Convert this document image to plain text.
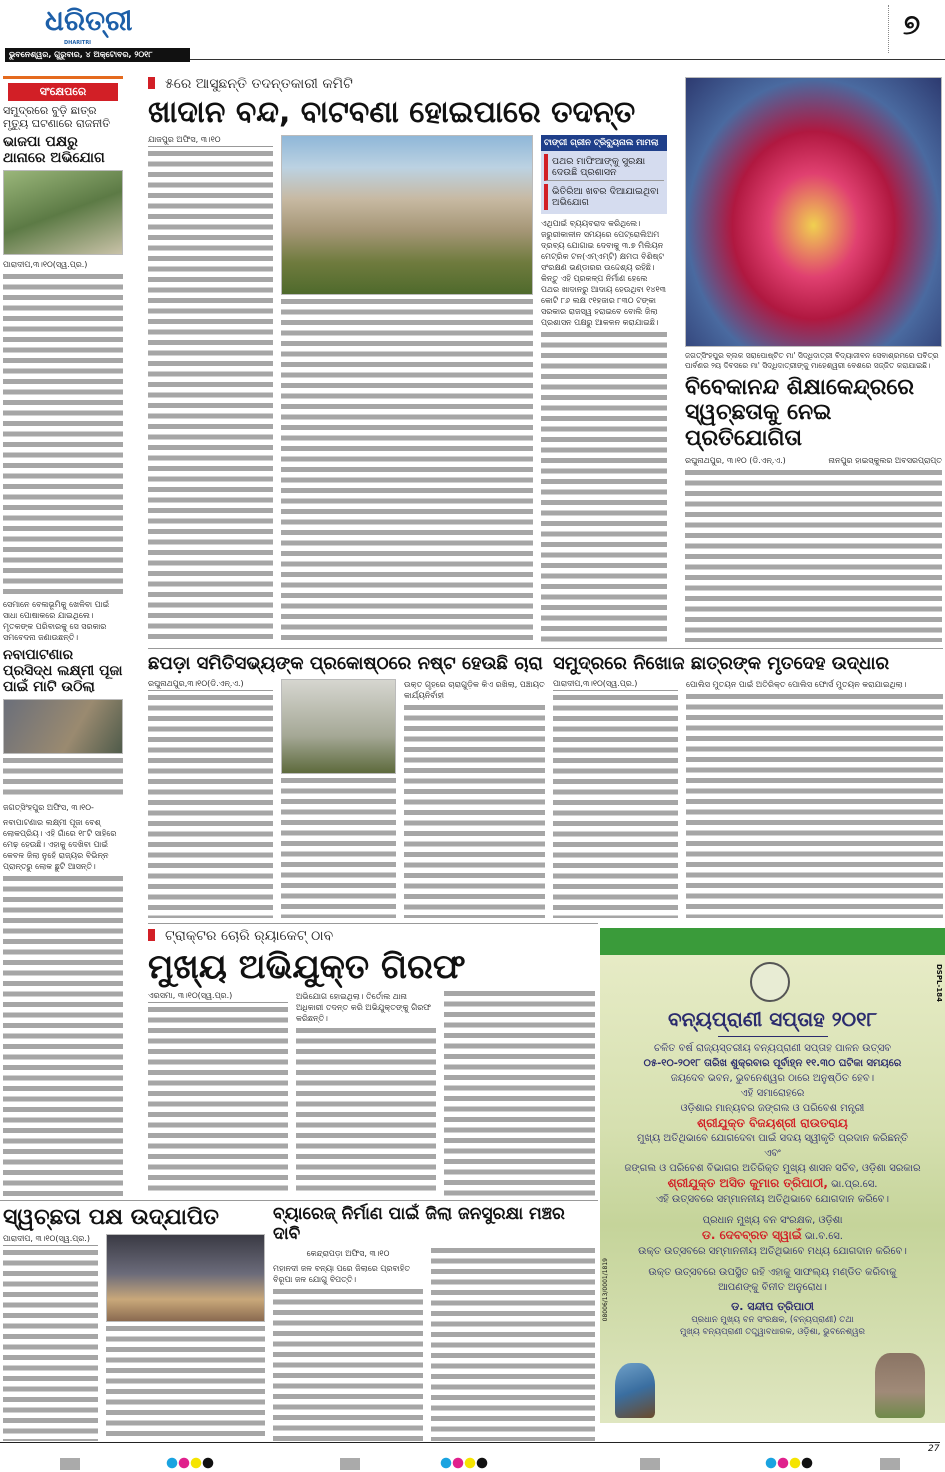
ଧରିତ୍ରୀ
DHARITRI
ଭୁବନେଶ୍ୱର, ଗୁରୁବାର, ୪ ଅକ୍ଟୋବର, ୨୦୧୮
୭
ସଂକ୍ଷେପରେ
ସମୁଦ୍ରରେ ବୁଡ଼ି ଛାତ୍ର ମୃତ୍ୟୁ ଘଟଣାରେ ରାଜନୀତି
ଭାଜପା ପକ୍ଷରୁ ଥାନାରେ ଅଭିଯୋଗ
ପାରାଦୀପ,୩।୧୦(ସ୍ୱ.ପ୍ର.)
ସେମାନେ ବେଳାଭୂମିକୁ ଖେଳିବା ପାଇଁ ସାଧା ପୋଷାକରେ ଯାଇଥିଲେ। ମୃତକଙ୍କ ପରିବାରକୁ ସେ ସରକାର ସମବେଦନା ଜଣାଉଛନ୍ତି।
ନବାପାଟଣାର ପ୍ରସିଦ୍ଧ ଲକ୍ଷ୍ମୀ ପୂଜା ପାଇଁ ମାଟି ଉଠିଲା
ଜଗତ୍‌ସିଂହପୁର ଅଫିସ, ୩।୧୦-
ନବାପାଟଣାର ଲକ୍ଷ୍ମୀ ପୂଜା ବେଶ୍ ଲୋକପ୍ରିୟ। ଏହି ଗାଁରେ ୧୮ଟି ସାହିରେ ମେଢ଼ ହେଉଛି। ଏହାକୁ ଦେଖିବା ପାଇଁ କେବଳ ଜିଲା ନୁହେଁ ରାଜ୍ୟର ବିଭିନ୍ନ ପ୍ରାନ୍ତରୁ ଲୋକ ଛୁଟି ଆସନ୍ତି।
୫ରେ ଆସୁଛନ୍ତି ତଦନ୍ତକାରୀ କମିଟି
ଖାଦାନ ବନ୍ଦ, ବାଟବଣା ହୋଇପାରେ ତଦନ୍ତ
ଯାଜପୁର ଅଫିସ, ୩।୧୦	ଟାଙ୍ଗୀ ଗ୍ରୀନ ଟ୍ରିବ୍ୟୁନାଲ ମାମଲା
ପଥର ମାଫିଆଙ୍କୁ ସୁରକ୍ଷା ଦେଉଛି ପ୍ରଶାସନ
ଭିତିରିଆ ଖବର ଦିଆଯାଇଥିବା ଅଭିଯୋଗ
ଏଥିପାଇଁ ବ୍ୟୟବରାଦ କରିଥିଲେ। ଜରୁରୀକାଳୀନ ସମୟରେ ପେଟ୍ରୋଲିଅମ ଦ୍ରବ୍ୟ ଯୋଗାଇ ଦେବାକୁ ୩.୭ ମିଲିୟନ ମେଟ୍ରିକ ଟନ(ଏମ୍‌ଏମ୍‌ଟି) କ୍ଷମତା ବିଶିଷ୍ଟ ସଂରକ୍ଷଣ ଭଣ୍ଡାରର ଉଦ୍ଦେଶ୍ୟ ରହିଛି। କିନ୍ତୁ ଏହି ପ୍ରକଳ୍ପ ନିର୍ମାଣ ହେଲେ ପଥର ଖାଦାନରୁ ଆଦାୟ ହେଉଥିବା ୧୪୧୩ କୋଟି ୮୬ ଲକ୍ଷ ୯୧ହଜାର ୮୩୦ ଟଙ୍କା ସରକାର ରାଜସ୍ୱ ହରାଇବେ ବୋଲି ଜିଲା ପ୍ରଶାସନ ପକ୍ଷରୁ ଆକଳନ କରାଯାଇଛି।
ଜଗତ୍‌ସିଂହପୁର ବ୍ଲକ ସରାପୋଷ୍ଟିତ ମା' ସିଦ୍ଧିଦାତ୍ରୀ ବିଦ୍ୟାଜୀବନ ସେବାଶ୍ରମରେ ପବିତ୍ର ପାର୍ବଣର ୨ୟ ଦିବସରେ ମା' ସିଦ୍ଧିଦାତ୍ରୀଙ୍କୁ ମାହେଶ୍ୱରୀ ବେଶରେ ସଜ୍ଜିତ କରାଯାଇଛି।
ବିବେକାନନ୍ଦ ଶିକ୍ଷାକେନ୍ଦ୍ରରେ ସ୍ୱଚ୍ଛତାକୁ ନେଇ ପ୍ରତିଯୋଗିତା
ରଘୁନାଥପୁର, ୩।୧୦ (ଡି.ଏନ୍.ଏ.)	ନାନପୁର ହାଇସ୍କୁଲର ଅବସରପ୍ରାପ୍ତ
ଛପଡ଼ା ସମିତିସଭ୍ୟଙ୍କ ପ୍ରକୋଷ୍ଠରେ ନଷ୍ଟ ହେଉଛି ଚାରା
ରଘୁନାଥପୁର,୩।୧୦(ଡି.ଏନ୍.ଏ.)	ଉକ୍ତ ଗୃହରେ ଚାରାଗୁଡ଼ିକ କିଏ ରଖିଲା, ପଞ୍ଚାୟତ କାର୍ଯ୍ୟନିର୍ବାହୀ
ସମୁଦ୍ରରେ ନିଖୋଜ ଛାତ୍ରଙ୍କ ମୃତଦେହ ଉଦ୍ଧାର
ପାରାଦୀପ,୩।୧୦(ସ୍ୱ.ପ୍ର.)	ପୋଲିସ ମୁତୟନ ପାଇଁ ଅତିରିକ୍ତ ପୋଲିସ ଫୋର୍ସ ମୁତୟନ କରାଯାଇଥିଲା।
ଟ୍ରାକ୍ଟର ଚୋରି ର୍‍ୟାକେଟ୍ ଠାବ
ମୁଖ୍ୟ ଅଭିଯୁକ୍ତ ଗିରଫ
ଏରସମା, ୩।୧୦(ସ୍ୱ.ପ୍ର.)	ଅଭିଯୋଗ ହୋଇଥିଲା। ତିର୍ତୋଲ ଥାନା ଅଧିକାରୀ ତଦନ୍ତ କରି ଅଭିଯୁକ୍ତଙ୍କୁ ଗିରଫ କରିଛନ୍ତି।
ସ୍ୱଚ୍ଛତା ପକ୍ଷ ଉଦ୍‌ଯାପିତ
ପାରାଦୀପ, ୩।୧୦(ସ୍ୱ.ପ୍ର.)
ବ୍ୟାରେଜ୍ ନିର୍ମାଣ ପାଇଁ ଜିଲା ଜନସୁରକ୍ଷା ମଞ୍ଚର ଦାବି
କେନ୍ଦ୍ରାପଡ଼ା ଅଫିସ, ୩।୧୦
ମହାନଦୀ ଜଳ ବନ୍ୟା ପରେ ଜିଲାରେ ପ୍ରବାହିତ ବିରୂପା ଜଳ ଯୋଗୁ ବିପତ୍ତି।
DSPL-184
08006/13/0001/1819
ବନ୍ୟପ୍ରାଣୀ ସପ୍ତାହ ୨୦୧୮
ଚଳିତ ବର୍ଷ ରାଜ୍ୟସ୍ତରୀୟ ବନ୍ୟପ୍ରାଣୀ ସପ୍ତାହ ପାଳନ ଉତ୍ସବ
୦୫-୧୦-୨୦୧୮ ତାରିଖ ଶୁକ୍ରବାର ପୂର୍ବାହ୍ନ ୧୧.୩୦ ଘଟିକା ସମୟରେ
ଜୟଦେବ ଭବନ, ଭୁବନେଶ୍ୱର ଠାରେ ଅନୁଷ୍ଠିତ ହେବ।
ଏହି ସମାରୋହରେ
ଓଡ଼ିଶାର ମାନ୍ୟବର ଜଙ୍ଗଲ ଓ ପରିବେଶ ମନ୍ତ୍ରୀ
ଶ୍ରୀଯୁକ୍ତ ବିଜୟଶ୍ରୀ ରାଉତରାୟ
ମୁଖ୍ୟ ଅତିଥିଭାବେ ଯୋଗଦେବା ପାଇଁ ସଦୟ ସ୍ୱୀକୃତି ପ୍ରଦାନ କରିଛନ୍ତି
ଏବଂ
ଜଙ୍ଗଲ ଓ ପରିବେଶ ବିଭାଗର ଅତିରିକ୍ତ ମୁଖ୍ୟ ଶାସନ ସଚିବ, ଓଡ଼ିଶା ସରକାର
ଶ୍ରୀଯୁକ୍ତ ଅସିତ କୁମାର ତ୍ରିପାଠୀ, ଭା.ପ୍ର.ସେ.
ଏହି ଉତ୍ସବରେ ସମ୍ମାନନୀୟ ଅତିଥିଭାବେ ଯୋଗଦାନ କରିବେ।
ପ୍ରଧାନ ମୁଖ୍ୟ ବନ ସଂରକ୍ଷକ, ଓଡ଼ିଶା
ଡ. ଦେବବ୍ରତ ସ୍ୱାଇଁ ଭା.ବ.ସେ.
ଉକ୍ତ ଉତ୍ସବରେ ସମ୍ମାନନୀୟ ଅତିଥିଭାବେ ମଧ୍ୟ ଯୋଗଦାନ କରିବେ।
ଉକ୍ତ ଉତ୍ସବରେ ଉପସ୍ଥିତ ରହି ଏହାକୁ ସାଫଲ୍ୟ ମଣ୍ଡିତ କରିବାକୁ ଆପଣଙ୍କୁ ବିନୀତ ଅନୁରୋଧ।
ଡ. ସନ୍ଦୀପ ତ୍ରିପାଠୀ
ପ୍ରଧାନ ମୁଖ୍ୟ ବନ ସଂରକ୍ଷକ, (ବନ୍ୟପ୍ରାଣୀ) ତଥା
ମୁଖ୍ୟ ବନ୍ୟପ୍ରାଣୀ ତତ୍ତ୍ୱାବଧାରକ, ଓଡ଼ିଶା, ଭୁବନେଶ୍ୱର
27
